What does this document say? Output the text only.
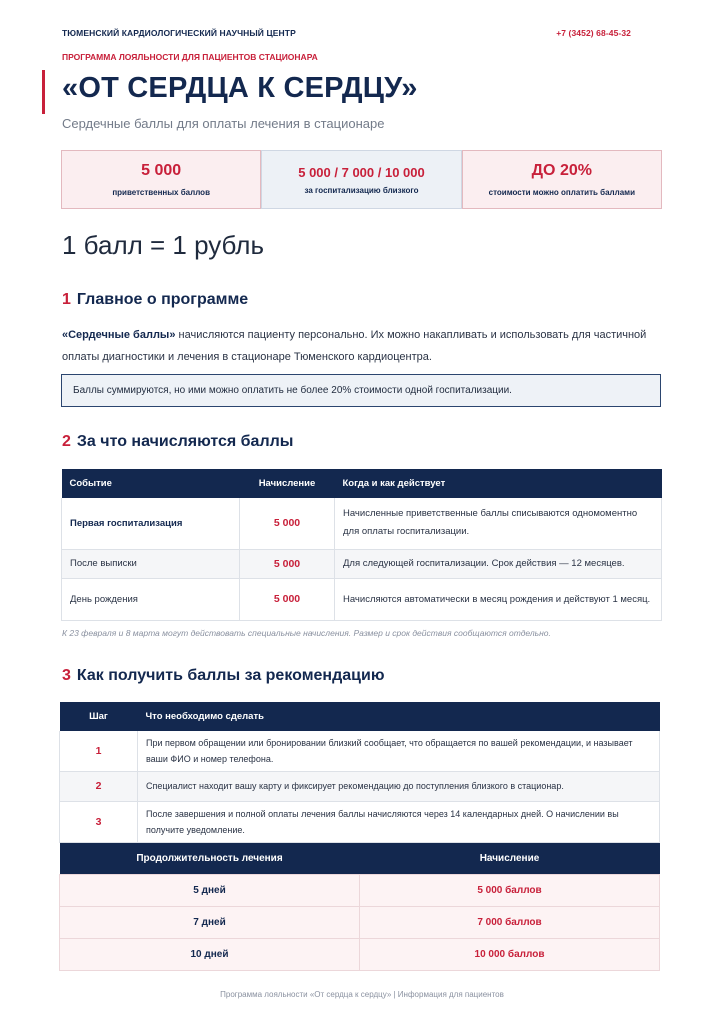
ТЮМЕНСКИЙ КАРДИОЛОГИЧЕСКИЙ НАУЧНЫЙ ЦЕНТР	+7 (3452) 68-45-32
ПРОГРАММА ЛОЯЛЬНОСТИ ДЛЯ ПАЦИЕНТОВ СТАЦИОНАРА
«ОТ СЕРДЦА К СЕРДЦУ»
Сердечные баллы для оплаты лечения в стационаре
5 000
приветственных баллов
5 000 / 7 000 / 10 000
за госпитализацию близкого
ДО 20%
стоимости можно оплатить баллами
1 балл = 1 рубль
1 Главное о программе
«Сердечные баллы» начисляются пациенту персонально. Их можно накапливать и использовать для частичной оплаты диагностики и лечения в стационаре Тюменского кардиоцентра.
Баллы суммируются, но ими можно оплатить не более 20% стоимости одной госпитализации.
2 За что начисляются баллы
Событие	Начисление	Когда и как действует
Первая госпитализация	5 000	Начисленные приветственные баллы списываются одномоментно для оплаты госпитализации.
После выписки	5 000	Для следующей госпитализации. Срок действия — 12 месяцев.
День рождения	5 000	Начисляются автоматически в месяц рождения и действуют 1 месяц.
К 23 февраля и 8 марта могут действовать специальные начисления. Размер и срок действия сообщаются отдельно.
3 Как получить баллы за рекомендацию
Шаг	Что необходимо сделать
1	При первом обращении или бронировании близкий сообщает, что обращается по вашей рекомендации, и называет ваши ФИО и номер телефона.
2	Специалист находит вашу карту и фиксирует рекомендацию до поступления близкого в стационар.
3	После завершения и полной оплаты лечения баллы начисляются через 14 календарных дней. О начислении вы получите уведомление.
Продолжительность лечения	Начисление
5 дней	5 000 баллов
7 дней	7 000 баллов
10 дней	10 000 баллов
Программа лояльности «От сердца к сердцу» | Информация для пациентов
